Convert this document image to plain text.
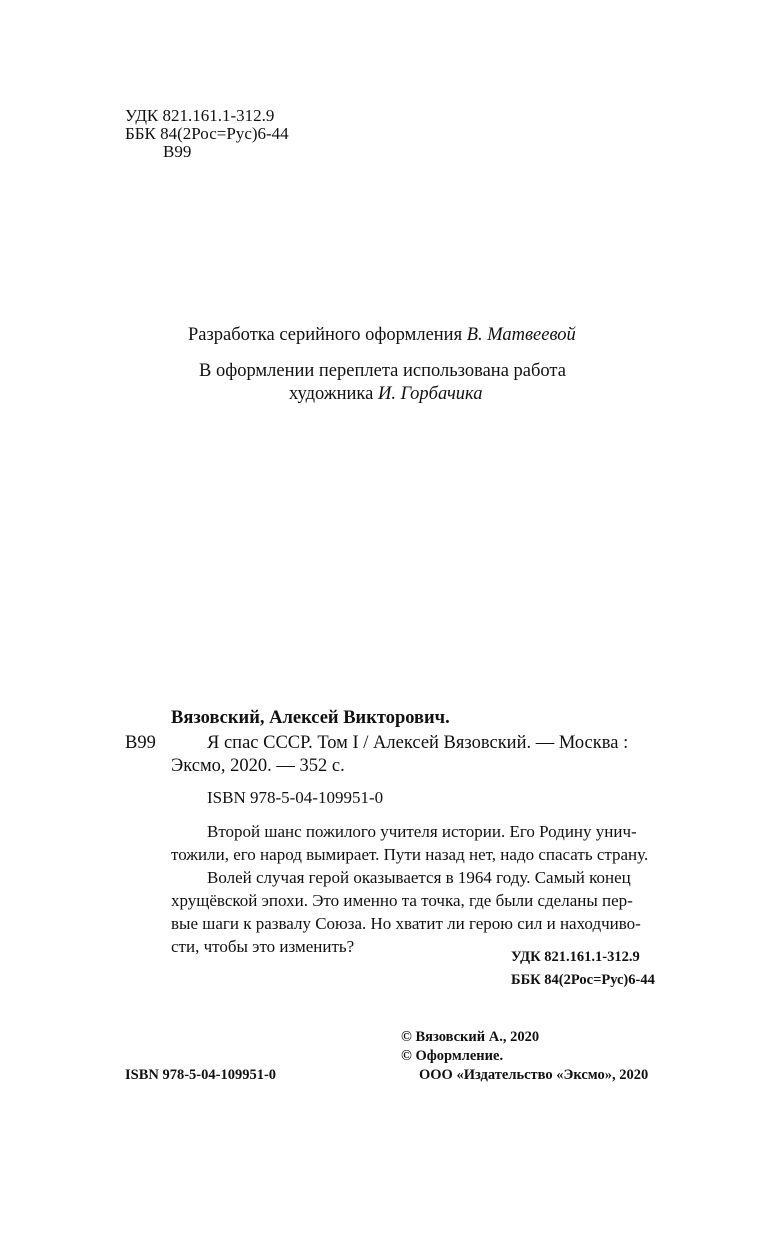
УДК 821.161.1-312.9
ББК 84(2Рос=Рус)6-44
В99
Разработка серийного оформления В. Матвеевой
В оформлении переплета использована работа
художника И. Горбачика
Вязовский, Алексей Викторович.
В99	Я спас СССР. Том I / Алексей Вязовский. — Москва :
Эксмо, 2020. — 352 с.
ISBN 978-5-04-109951-0
Второй шанс пожилого учителя истории. Его Родину унич-
тожили, его народ вымирает. Пути назад нет, надо спасать страну.
Волей случая герой оказывается в 1964 году. Самый конец
хрущёвской эпохи. Это именно та точка, где были сделаны пер-
вые шаги к развалу Союза. Но хватит ли герою сил и находчиво-
сти, чтобы это изменить?
УДК 821.161.1-312.9
ББК 84(2Рос=Рус)6-44
© Вязовский А., 2020
© Оформление.
ISBN 978-5-04-109951-0	ООО «Издательство «Эксмо», 2020
